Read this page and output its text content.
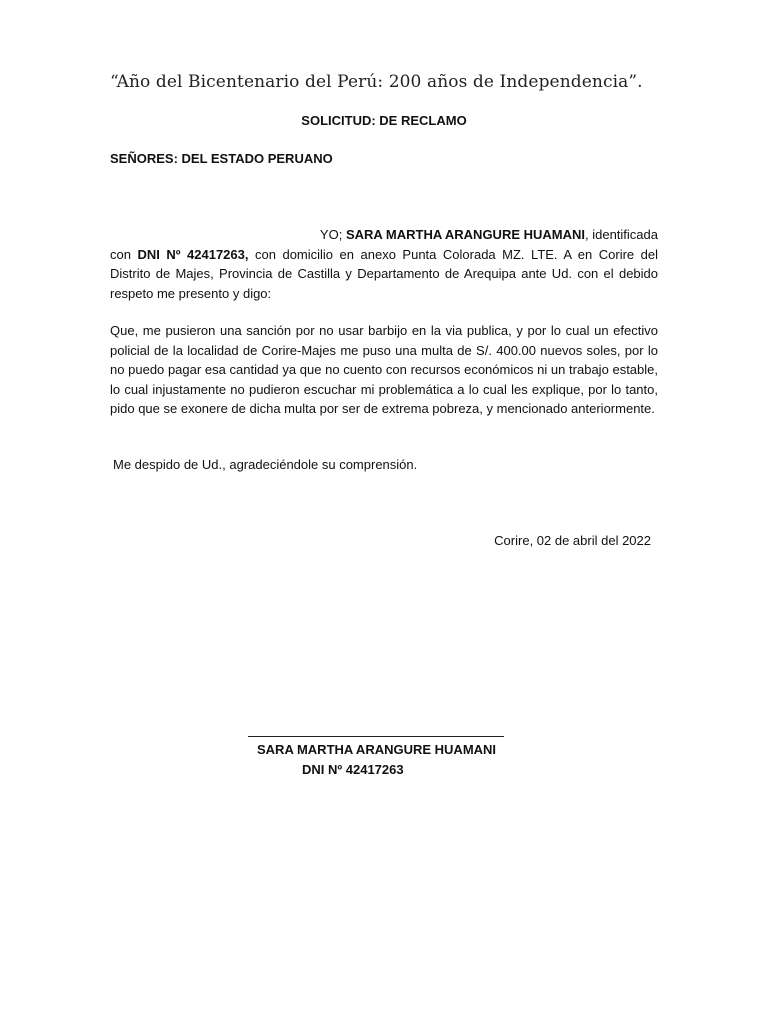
“Año del Bicentenario del Perú: 200 años de Independencia”.
SOLICITUD: DE RECLAMO
SEÑORES: DEL ESTADO PERUANO
YO; SARA MARTHA ARANGURE HUAMANI, identificada
con DNI Nº 42417263, con domicilio en anexo Punta Colorada MZ. LTE. A en Corire del Distrito de Majes, Provincia de Castilla y Departamento de Arequipa ante Ud. con el debido respeto me presento y digo:
Que, me pusieron una sanción por no usar barbijo en la via publica, y por lo cual un efectivo policial de la localidad de Corire-Majes me puso una multa de S/. 400.00 nuevos soles, por lo no puedo pagar esa cantidad ya que no cuento con recursos económicos ni un trabajo estable, lo cual injustamente no pudieron escuchar mi problemática a lo cual les explique, por lo tanto, pido que se exonere de dicha multa por ser de extrema pobreza, y mencionado anteriormente.
Me despido de Ud., agradeciéndole su comprensión.
Corire, 02 de abril del 2022
SARA MARTHA ARANGURE HUAMANI
DNI Nº 42417263
